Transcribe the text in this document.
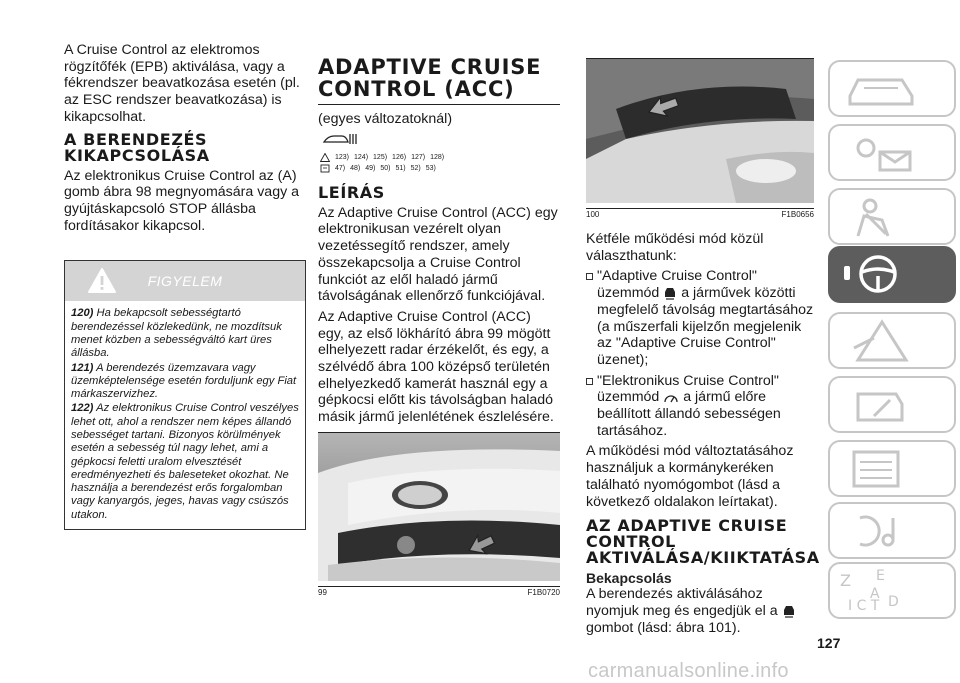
A Cruise Control az elektromos rögzítőfék (EPB) aktiválása, vagy a fékrendszer beavatkozása esetén (pl. az ESC rendszer beavatkozása) is kikapcsolhat.

A BERENDEZÉS KIKAPCSOLÁSA

Az elektronikus Cruise Control az (A) gomb ábra 98 megnyomására vagy a gyújtáskapcsoló STOP állásba fordításakor kikapcsol.

FIGYELEM

120) Ha bekapcsolt sebességtartó berendezéssel közlekedünk, ne mozdítsuk menet közben a sebességváltó kart üres állásba.

121) A berendezés üzemzavara vagy üzemképtelensége esetén forduljunk egy Fiat márkaszervizhez.

122) Az elektronikus Cruise Control veszélyes lehet ott, ahol a rendszer nem képes állandó sebességet tartani. Bizonyos körülmények esetén a sebesség túl nagy lehet, ami a gépkocsi feletti uralom elvesztését eredményezheti és baleseteket okozhat. Ne használja a berendezést erős forgalomban vagy kanyargós, jeges, havas vagy csúszós utakon.

ADAPTIVE CRUISE CONTROL (ACC)

(egyes változatoknál)

123) 124) 125) 126) 127) 128)
47) 48) 49) 50) 51) 52) 53)
LEÍRÁS

Az Adaptive Cruise Control (ACC) egy elektronikusan vezérelt olyan vezetéssegítő rendszer, amely összekapcsolja a Cruise Control funkciót az elől haladó jármű távolságának ellenőrző funkciójával.

Az Adaptive Cruise Control (ACC) egy, az első lökhárító ábra 99 mögött elhelyezett radar érzékelőt, és egy, a szélvédő ábra 100 középső területén elhelyezkedő kamerát használ egy a gépkocsi előtt kis távolságban haladó másik jármű jelenlétének észlelésére.

99	F1B0720
100	F1B0656

Kétféle működési mód közül választhatunk:

"Adaptive Cruise Control" üzemmód a járművek közötti megfelelő távolság megtartásához (a műszerfali kijelzőn megjelenik az "Adaptive Cruise Control" üzenet);
"Elektronikus Cruise Control" üzemmód a jármű előre beállított állandó sebességen tartásához.

A működési mód változtatásához használjuk a kormánykeréken található nyomógombot (lásd a következő oldalakon leírtakat).

AZ ADAPTIVE CRUISE CONTROL AKTIVÁLÁSA/KIIKTATÁSA
Bekapcsolás

A berendezés aktiválásához nyomjuk meg és engedjük el a  gombot (lásd: ábra 101).

127
carmanualsonline.info
Z E
A
I C T D
